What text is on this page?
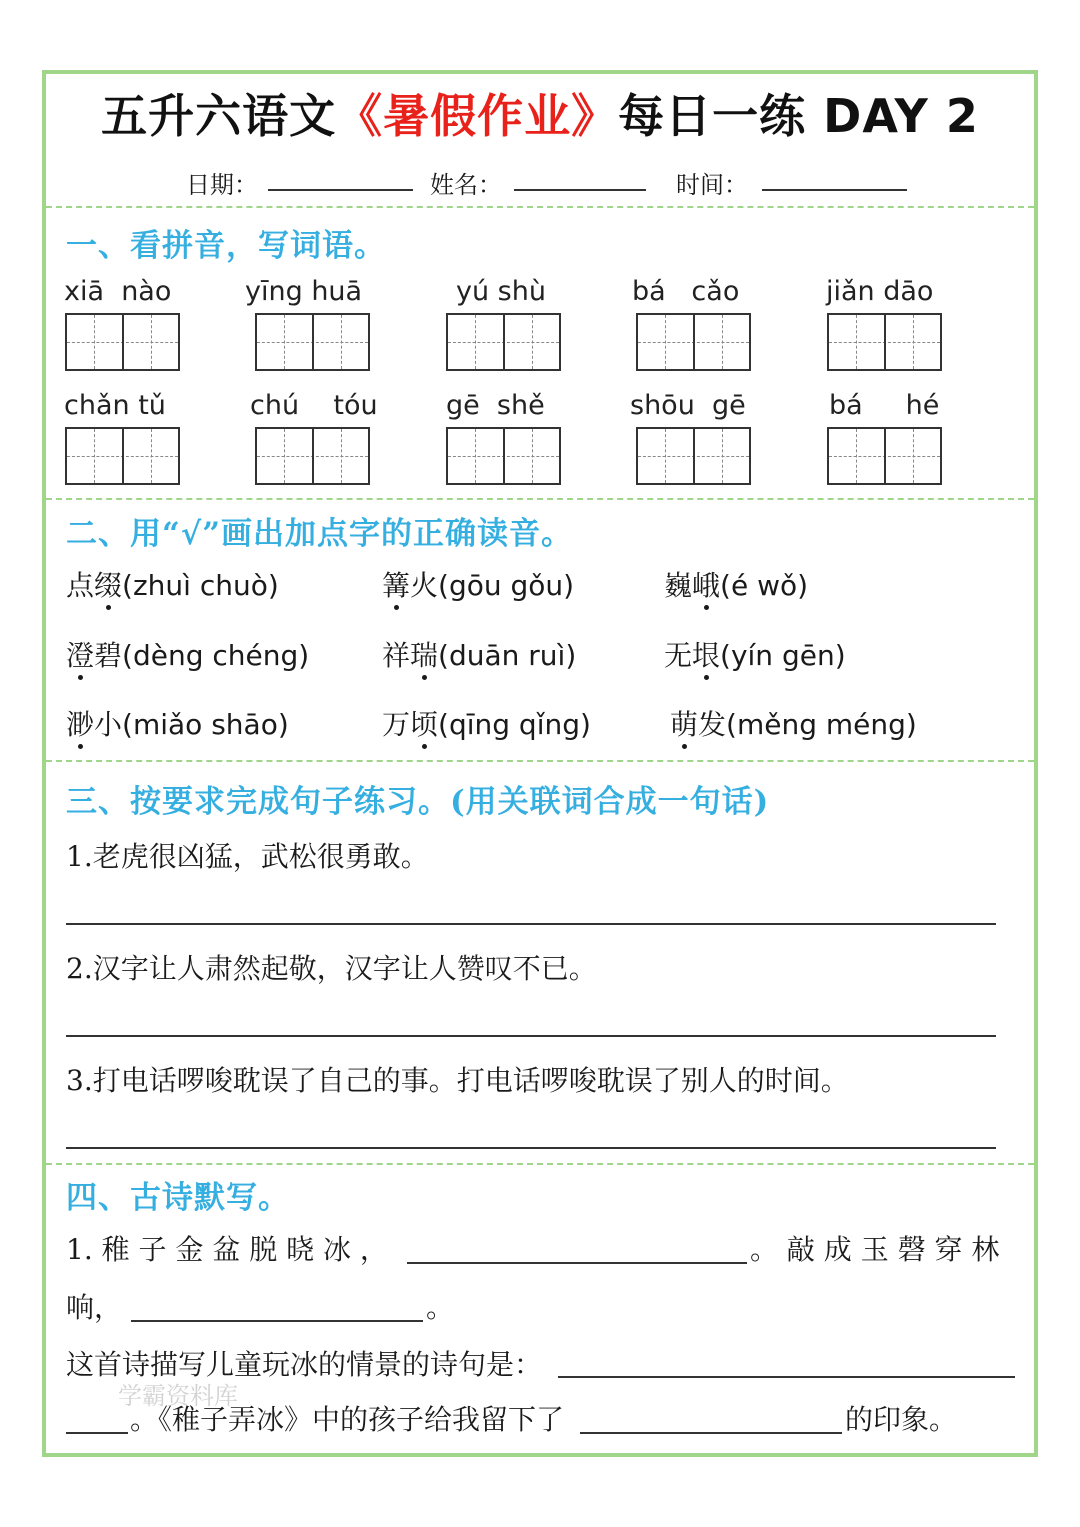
五升六语文《暑假作业》每日一练 DAY 2
日期：	姓名：	时间：
一、看拼音，写词语。
xiā  nào	yīng huā	yú shù	bá   cǎo	jiǎn dāo
chǎn tǔ	chú    tóu	gē  shě	shōu  gē	bá     hé
二、用“√”画出加点字的正确读音。
点缀(zhuì chuò)	篝火(gōu gǒu)	巍峨(é wǒ)
澄碧(dèng chéng)	祥瑞(duān ruì)	无垠(yín gēn)
渺小(miǎo shāo)	万顷(qīng qǐng)	萌发(měng méng)
三、按要求完成句子练习。(用关联词合成一句话)
1.老虎很凶猛，武松很勇敢。
2.汉字让人肃然起敬，汉字让人赞叹不已。
3.打电话啰唆耽误了自己的事。打电话啰唆耽误了别人的时间。
四、古诗默写。
1. 稚 子 金 盆 脱 晓 冰 ，	。 敲 成 玉 磬 穿 林
响，	。
这首诗描写儿童玩冰的情景的诗句是：
。《稚子弄冰》中的孩子给我留下了	的印象。
学霸资料库
